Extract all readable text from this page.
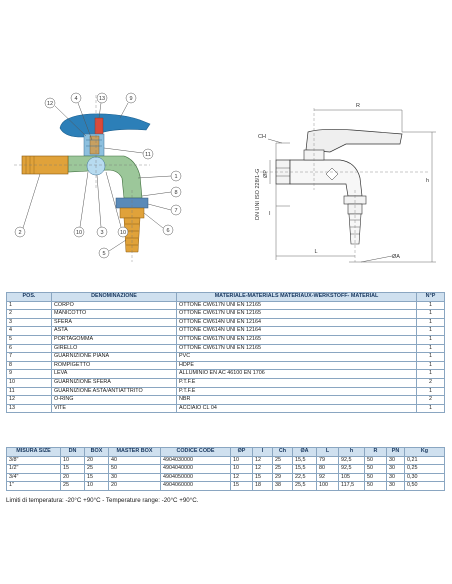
12
4	13	9
11
1
8
7
6
5
2	10	3	10
R
CH
ØP
DN UNI ISO 228/1-G I
L
ØA
h
POS.	DENOMINAZIONE	MATERIALE-MATERIALS MATERIAUX-WERKSTOFF- MATERIAL	N°P
1	CORPO	OTTONE CW617N UNI EN 12165	1
2	MANICOTTO	OTTONE CW617N UNI EN 12165	1
3	SFERA	OTTONE CW614N UNI EN 12164	1
4	ASTA	OTTONE CW614N UNI EN 12164	1
5	PORTAGOMMA	OTTONE CW617N UNI EN 12165	1
6	GIRELLO	OTTONE CW617N UNI EN 12165	1
7	GUARNIZIONE PIANA	PVC	1
8	ROMPIGETTO	HDPE	1
9	LEVA	ALLUMINIO EN AC 46100 EN 1706	1
10	GUARNIZIONE SFERA	P.T.F.E	2
11	GUARNIZIONE ASTA/ANTIATTRITO	P.T.F.E	1
12	O-RING	NBR	2
13	VITE	ACCIAIO CL 04	1
MISURA SIZE	DN	BOX	MASTER BOX	CODICE CODE	ØP	I	Ch	ØA	L	h	R	PN	Kg
3/8"	10	20	40	4904030000	10	12	25	15,5	79	92,5	50	30	0,21
1/2"	15	25	50	4904040000	10	12	25	15,5	80	92,5	50	30	0,25
3/4"	20	15	30	4904050000	12	15	29	22,5	92	105	50	30	0,30
1"	25	10	20	4904060000	15	18	38	25,5	100	117,5	50	30	0,50
Limiti di temperatura: -20°C +90°C - Temperature range: -20°C +90°C.
